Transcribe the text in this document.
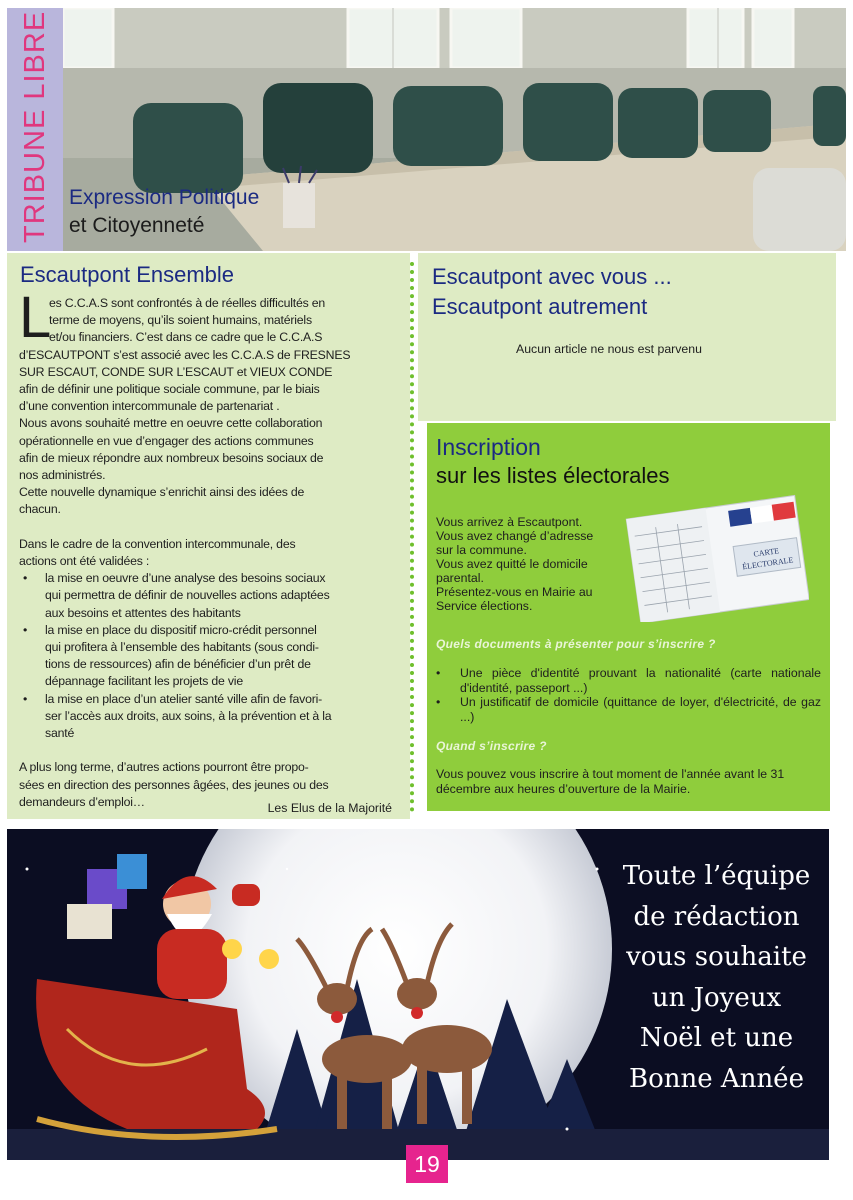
TRIBUNE LIBRE Expression Politique
et Citoyenneté
Escautpont Ensemble
L

es C.C.A.S sont confrontés à de réelles difficultés en

terme de moyens, qu’ils soient humains, matériels

et/ou financiers. C’est dans ce cadre que le C.C.A.S

d’ESCAUTPONT s’est associé avec les C.C.A.S de FRESNES

SUR ESCAUT, CONDE SUR L’ESCAUT et VIEUX CONDE

afin de définir une politique sociale commune, par le biais

d’une convention intercommunale de partenariat .

Nous avons souhaité mettre en oeuvre cette collaboration

opérationnelle en vue d’engager des actions communes

afin de mieux répondre aux nombreux besoins sociaux de

nos administrés.

Cette nouvelle dynamique s’enrichit ainsi des idées de

chacun.

Dans le cadre de la convention intercommunale, des

actions ont été validées :

• la mise en oeuvre d’une analyse des besoins sociaux
qui permettra de définir de nouvelles actions adaptées
aux besoins et attentes des habitants
• la mise en place du dispositif micro-crédit personnel
qui profitera à l’ensemble des habitants (sous condi-
tions de ressources) afin de bénéficier d’un prêt de
dépannage facilitant les projets de vie
• la mise en place d’un atelier santé ville afin de favori-
ser l’accès aux droits, aux soins, à la prévention et à la
santé

A plus long terme, d’autres actions pourront être propo-

sées en direction des personnes âgées, des jeunes ou des

demandeurs d’emploi…	Les Elus de la Majorité
Escautpont avec vous ...
Escautpont autrement
Aucun article ne nous est parvenu
Inscription
sur les listes électorales
Vous arrivez à Escautpont.
Vous avez changé d’adresse
sur la commune.
Vous avez quitté le domicile
parental.
Présentez-vous en Mairie au
Service élections.
CARTE
ÉLECTORALE
Quels documents à présenter pour s’inscrire ?
• Une pièce d'identité prouvant la nationalité (carte nationale d'identité, passeport ...)
• Un justificatif de domicile (quittance de loyer, d'électricité, de gaz ...)
Quand s’inscrire ?
Vous pouvez vous inscrire à tout moment de l'année avant le 31 décembre aux heures d’ouverture de la Mairie.
Toute l’équipe
de rédaction
vous souhaite
un Joyeux
Noël et une
Bonne Année
19
